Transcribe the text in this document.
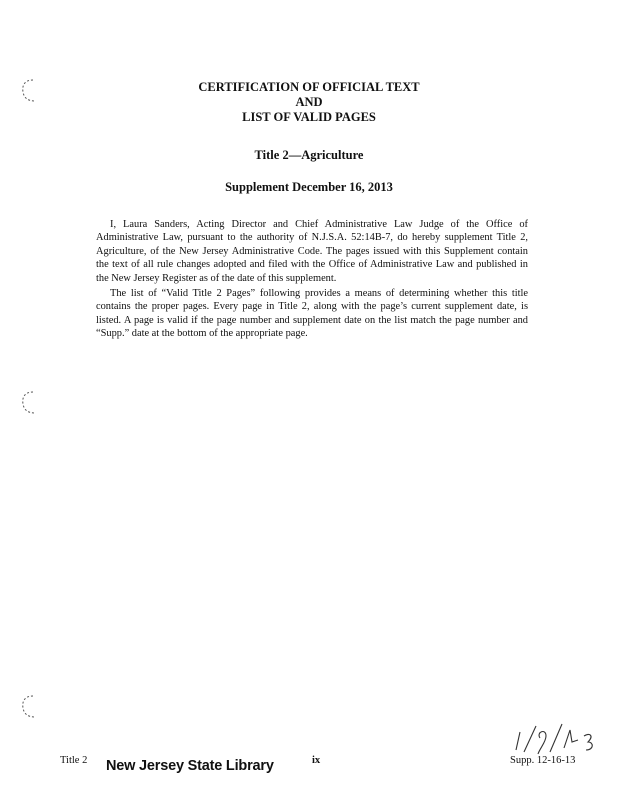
CERTIFICATION OF OFFICIAL TEXT
AND
LIST OF VALID PAGES
Title 2—Agriculture
Supplement December 16, 2013
I, Laura Sanders, Acting Director and Chief Administrative Law Judge of the Office of Administrative Law, pursuant to the authority of N.J.S.A. 52:14B-7, do hereby supplement Title 2, Agriculture, of the New Jersey Administrative Code. The pages issued with this Supplement contain the text of all rule changes adopted and filed with the Office of Administrative Law and published in the New Jersey Register as of the date of this supplement.
The list of “Valid Title 2 Pages” following provides a means of determining whether this title contains the proper pages. Every page in Title 2, along with the page’s current supplement date, is listed. A page is valid if the page number and supplement date on the list match the page number and “Supp.” date at the bottom of the appropriate page.
Title 2 New Jersey State Library	ix	Supp. 12-16-13
